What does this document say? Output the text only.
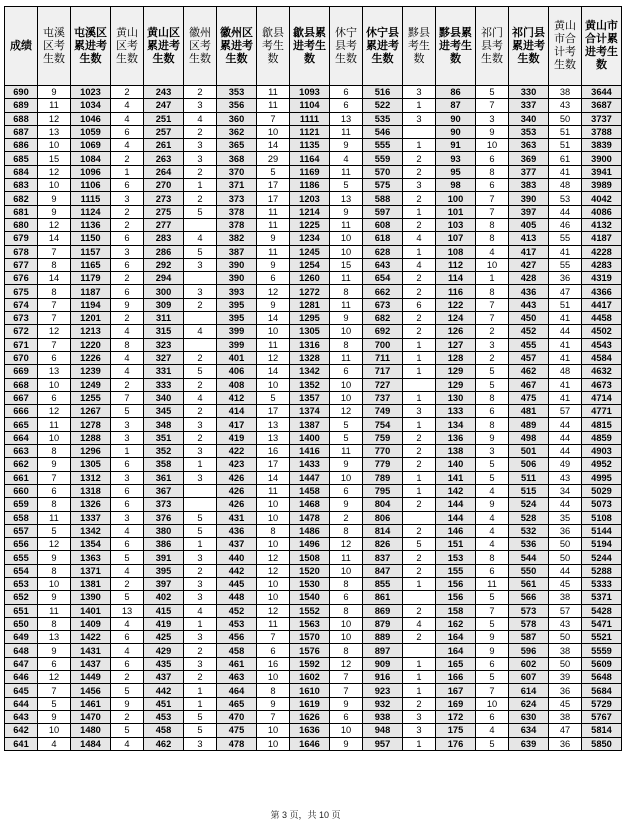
成绩	屯溪区考生数	屯溪区累进考生数	黄山区考生数	黄山区累进考生数	徽州区考生数	徽州区累进考生数	歙县考生数	歙县累进考生数	休宁县考生数	休宁县累进考生数	黟县考生数	黟县累进考生数	祁门县考生数	祁门县累进考生数	黄山市合计考生数	黄山市合计累进考生数
690	9	1023	2	243	2	353	11	1093	6	516	3	86	5	330	38	3644
689	11	1034	4	247	3	356	11	1104	6	522	1	87	7	337	43	3687
688	12	1046	4	251	4	360	7	1111	13	535	3	90	3	340	50	3737
687	13	1059	6	257	2	362	10	1121	11	546		90	9	353	51	3788
686	10	1069	4	261	3	365	14	1135	9	555	1	91	10	363	51	3839
685	15	1084	2	263	3	368	29	1164	4	559	2	93	6	369	61	3900
684	12	1096	1	264	2	370	5	1169	11	570	2	95	8	377	41	3941
683	10	1106	6	270	1	371	17	1186	5	575	3	98	6	383	48	3989
682	9	1115	3	273	2	373	17	1203	13	588	2	100	7	390	53	4042
681	9	1124	2	275	5	378	11	1214	9	597	1	101	7	397	44	4086
680	12	1136	2	277		378	11	1225	11	608	2	103	8	405	46	4132
679	14	1150	6	283	4	382	9	1234	10	618	4	107	8	413	55	4187
678	7	1157	3	286	5	387	11	1245	10	628	1	108	4	417	41	4228
677	8	1165	6	292	3	390	9	1254	15	643	4	112	10	427	55	4283
676	14	1179	2	294		390	6	1260	11	654	2	114	1	428	36	4319
675	8	1187	6	300	3	393	12	1272	8	662	2	116	8	436	47	4366
674	7	1194	9	309	2	395	9	1281	11	673	6	122	7	443	51	4417
673	7	1201	2	311		395	14	1295	9	682	2	124	7	450	41	4458
672	12	1213	4	315	4	399	10	1305	10	692	2	126	2	452	44	4502
671	7	1220	8	323		399	11	1316	8	700	1	127	3	455	41	4543
670	6	1226	4	327	2	401	12	1328	11	711	1	128	2	457	41	4584
669	13	1239	4	331	5	406	14	1342	6	717	1	129	5	462	48	4632
668	10	1249	2	333	2	408	10	1352	10	727		129	5	467	41	4673
667	6	1255	7	340	4	412	5	1357	10	737	1	130	8	475	41	4714
666	12	1267	5	345	2	414	17	1374	12	749	3	133	6	481	57	4771
665	11	1278	3	348	3	417	13	1387	5	754	1	134	8	489	44	4815
664	10	1288	3	351	2	419	13	1400	5	759	2	136	9	498	44	4859
663	8	1296	1	352	3	422	16	1416	11	770	2	138	3	501	44	4903
662	9	1305	6	358	1	423	17	1433	9	779	2	140	5	506	49	4952
661	7	1312	3	361	3	426	14	1447	10	789	1	141	5	511	43	4995
660	6	1318	6	367		426	11	1458	6	795	1	142	4	515	34	5029
659	8	1326	6	373		426	10	1468	9	804	2	144	9	524	44	5073
658	11	1337	3	376	5	431	10	1478	2	806		144	4	528	35	5108
657	5	1342	4	380	5	436	8	1486	8	814	2	146	4	532	36	5144
656	12	1354	6	386	1	437	10	1496	12	826	5	151	4	536	50	5194
655	9	1363	5	391	3	440	12	1508	11	837	2	153	8	544	50	5244
654	8	1371	4	395	2	442	12	1520	10	847	2	155	6	550	44	5288
653	10	1381	2	397	3	445	10	1530	8	855	1	156	11	561	45	5333
652	9	1390	5	402	3	448	10	1540	6	861		156	5	566	38	5371
651	11	1401	13	415	4	452	12	1552	8	869	2	158	7	573	57	5428
650	8	1409	4	419	1	453	11	1563	10	879	4	162	5	578	43	5471
649	13	1422	6	425	3	456	7	1570	10	889	2	164	9	587	50	5521
648	9	1431	4	429	2	458	6	1576	8	897		164	9	596	38	5559
647	6	1437	6	435	3	461	16	1592	12	909	1	165	6	602	50	5609
646	12	1449	2	437	2	463	10	1602	7	916	1	166	5	607	39	5648
645	7	1456	5	442	1	464	8	1610	7	923	1	167	7	614	36	5684
644	5	1461	9	451	1	465	9	1619	9	932	2	169	10	624	45	5729
643	9	1470	2	453	5	470	7	1626	6	938	3	172	6	630	38	5767
642	10	1480	5	458	5	475	10	1636	10	948	3	175	4	634	47	5814
641	4	1484	4	462	3	478	10	1646	9	957	1	176	5	639	36	5850
第 3 页，共 10 页
